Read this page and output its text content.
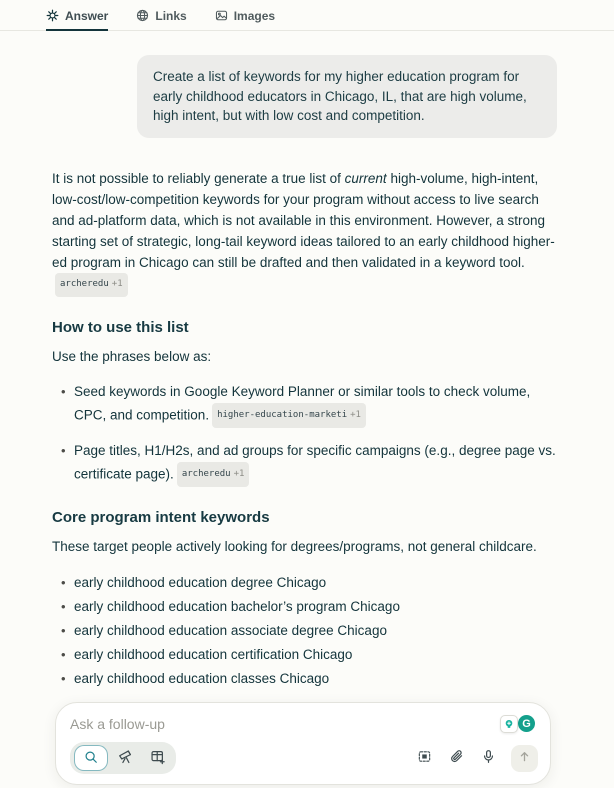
Answer	Links	Images
Create a list of keywords for my higher education program for early childhood educators in Chicago, IL, that are high volume, high intent, but with low cost and competition.

It is not possible to reliably generate a true list of current high-volume, high-intent, low-cost/low-competition keywords for your program without access to live search and ad-platform data, which is not available in this environment. However, a strong starting set of strategic, long-tail keyword ideas tailored to an early childhood higher-ed program in Chicago can still be drafted and then validated in a keyword tool.
archeredu +1

How to use this list

Use the phrases below as:

• Seed keywords in Google Keyword Planner or similar tools to check volume, CPC, and competition. higher-education-marketi +1
• Page titles, H1/H2s, and ad groups for specific campaigns (e.g., degree page vs. certificate page). archeredu +1
Core program intent keywords

These target people actively looking for degrees/programs, not general childcare.

• early childhood education degree Chicago
• early childhood education bachelor’s program Chicago
• early childhood education associate degree Chicago
• early childhood education certification Chicago
• early childhood education classes Chicago
Ask a follow-up
G
